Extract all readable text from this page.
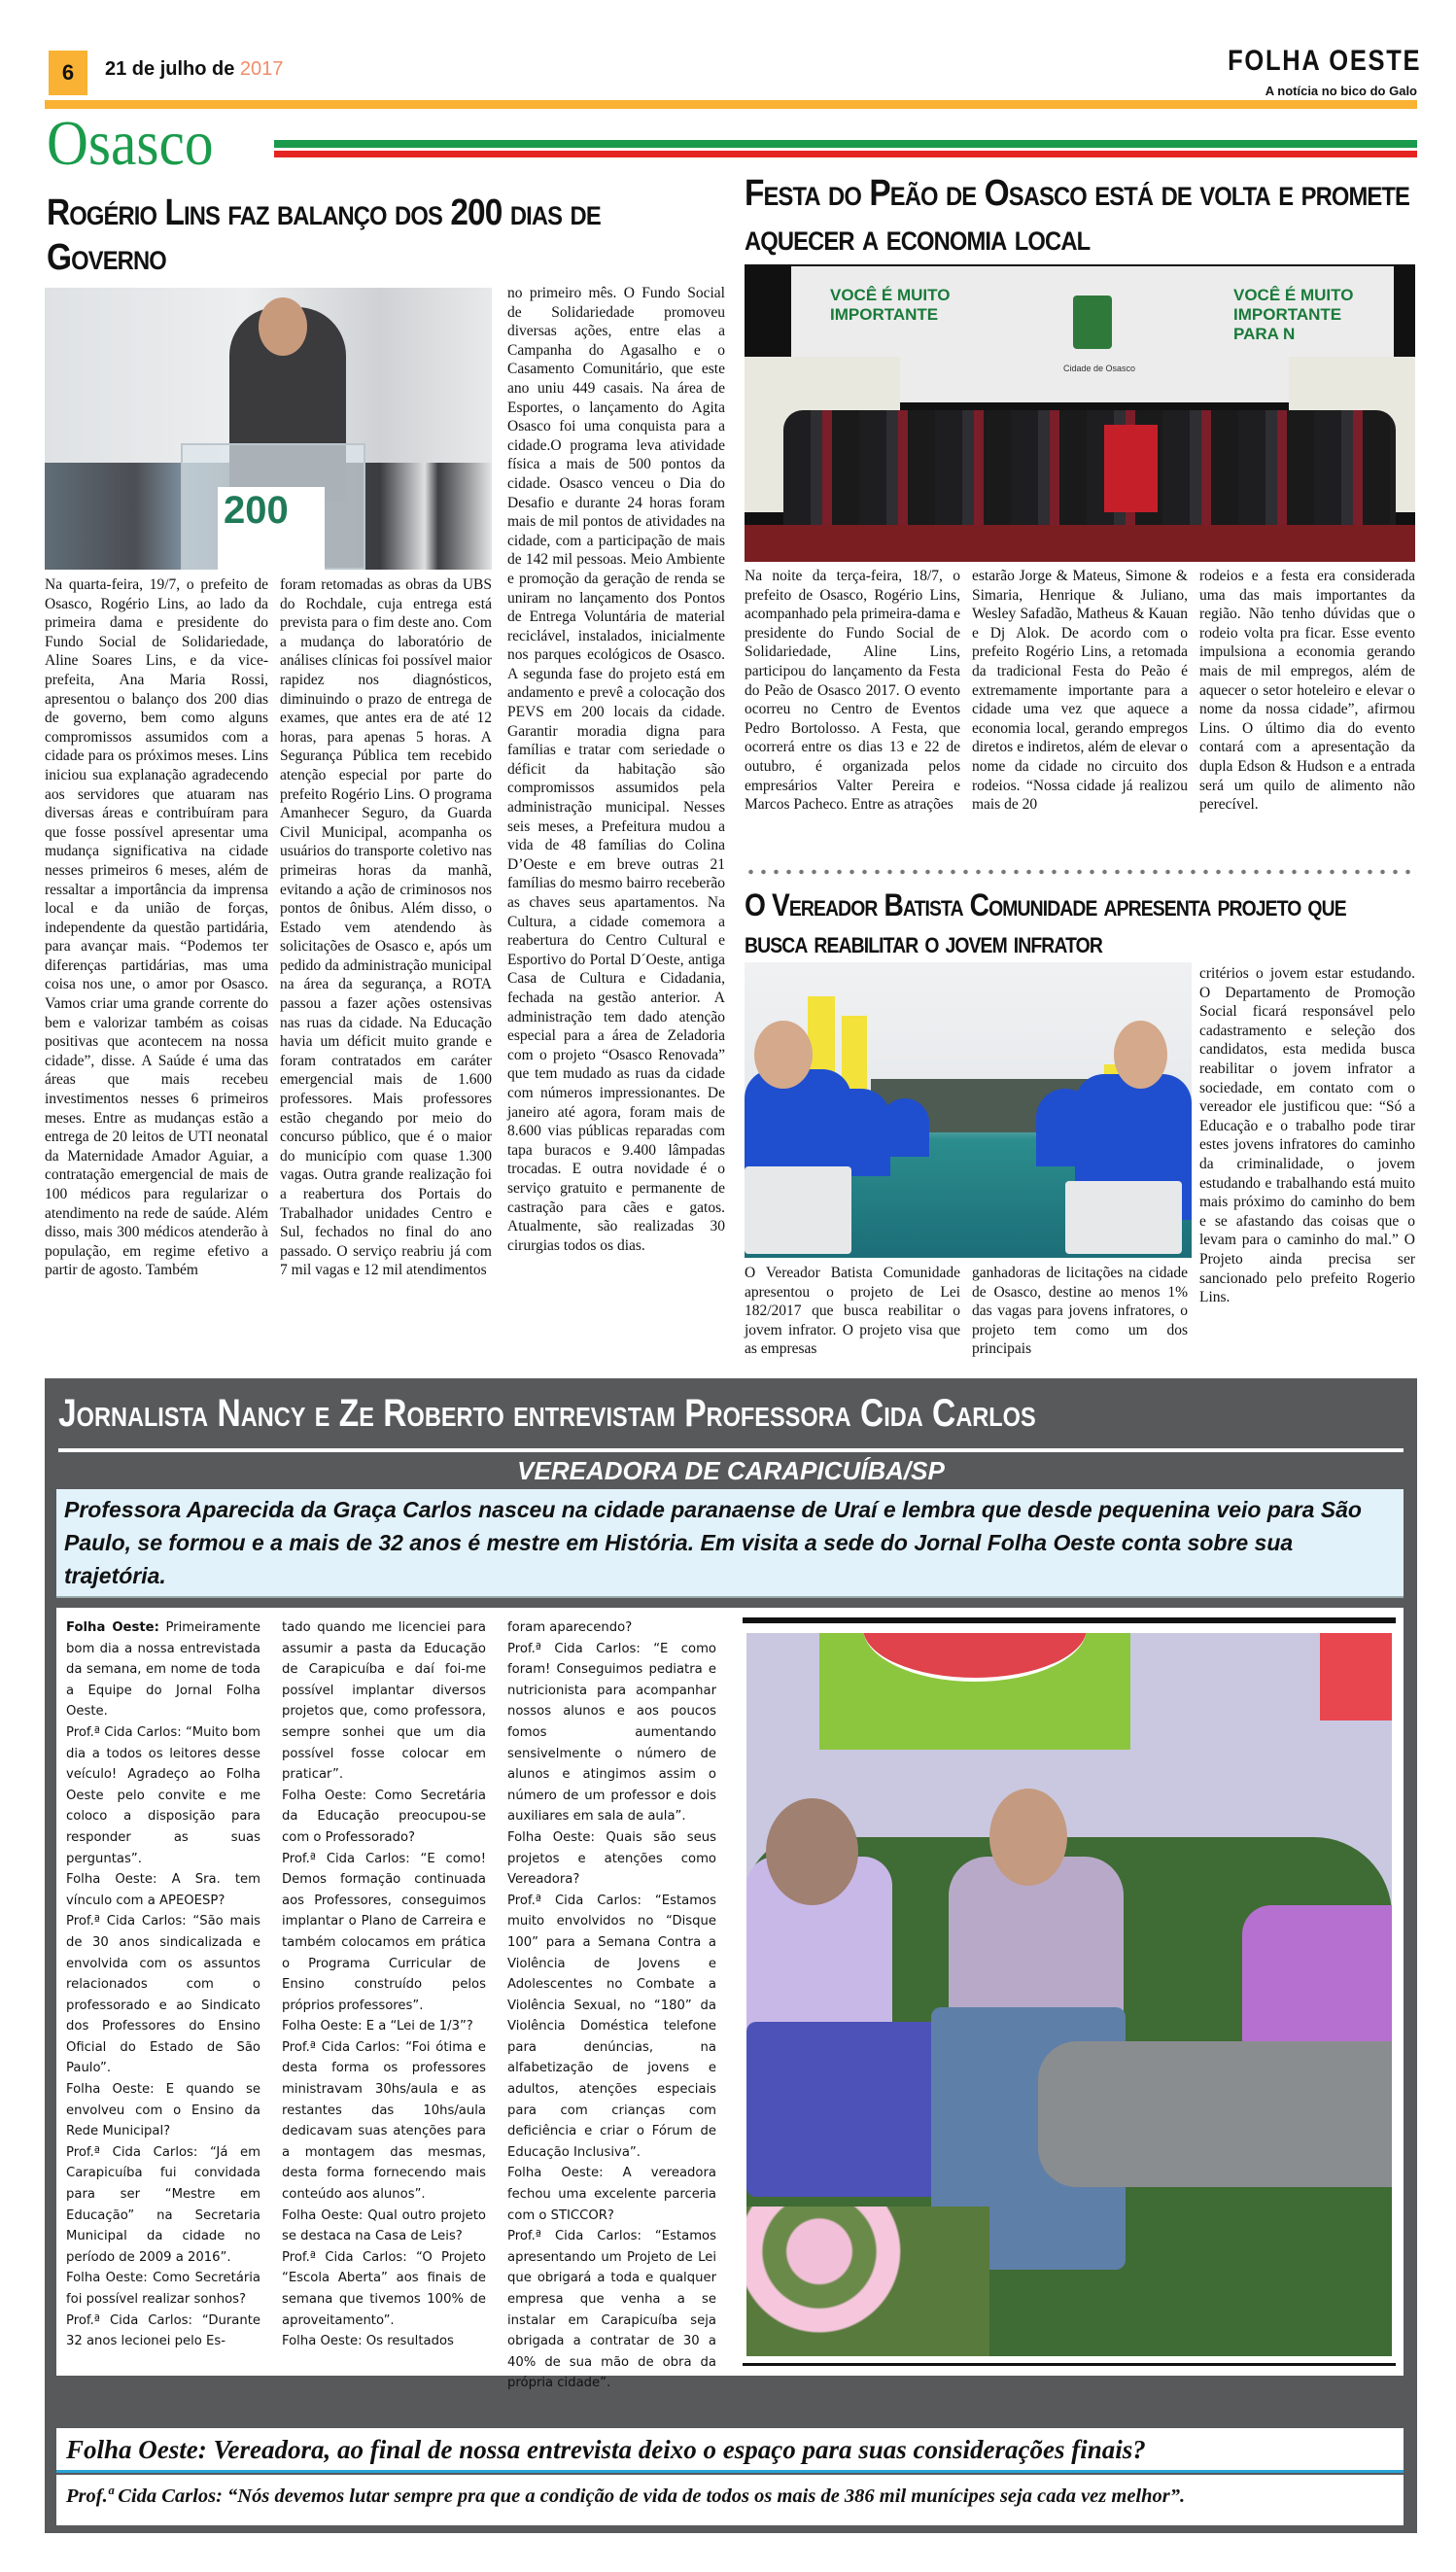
6	21 de julho de 2017	FOLHA OESTE
A notícia no bico do Galo
Osasco
Rogério Lins faz balanço dos 200 dias de Governo
200
Na quarta-feira, 19/7, o prefeito de Osasco, Rogério Lins, ao lado da primeira dama e presidente do Fundo Social de Solidariedade, Aline Soares Lins, e da vice-prefeita, Ana Maria Rossi, apresentou o balanço dos 200 dias de governo, bem como alguns compromissos assumidos com a cidade para os próximos meses. Lins iniciou sua explanação agradecendo aos servidores que atuaram nas diversas áreas e contribuíram para que fosse possível apresentar uma mudança significativa na cidade nesses primeiros 6 meses, além de ressaltar a importância da imprensa local e da união de forças, independente da questão partidária, para avançar mais. “Podemos ter diferenças partidárias, mas uma coisa nos une, o amor por Osasco. Vamos criar uma grande corrente do bem e valorizar também as coisas positivas que acontecem na nossa cidade”, disse. A Saúde é uma das áreas que mais recebeu investimentos nesses 6 primeiros meses. Entre as mudanças estão a entrega de 20 leitos de UTI neonatal da Maternidade Amador Aguiar, a contratação emergencial de mais de 100 médicos para regularizar o atendimento na rede de saúde. Além disso, mais 300 médicos atenderão à população, em regime efetivo a partir de agosto. Também
foram retomadas as obras da UBS do Rochdale, cuja entrega está prevista para o fim deste ano. Com a mudança do laboratório de análises clínicas foi possível maior rapidez nos diagnósticos, diminuindo o prazo de entrega de exames, que antes era de até 12 horas, para apenas 5 horas. A Segurança Pública tem recebido atenção especial por parte do prefeito Rogério Lins. O programa Amanhecer Seguro, da Guarda Civil Municipal, acompanha os usuários do transporte coletivo nas primeiras horas da manhã, evitando a ação de criminosos nos pontos de ônibus. Além disso, o Estado vem atendendo às solicitações de Osasco e, após um pedido da administração municipal na área da segurança, a ROTA passou a fazer ações ostensivas nas ruas da cidade. Na Educação havia um déficit muito grande e foram contratados em caráter emergencial mais de 1.600 professores. Mais professores estão chegando por meio do concurso público, que é o maior do município com quase 1.300 vagas. Outra grande realização foi a reabertura dos Portais do Trabalhador unidades Centro e Sul, fechados no final do ano passado. O serviço reabriu já com 7 mil vagas e 12 mil atendimentos
no primeiro mês. O Fundo Social de Solidariedade promoveu diversas ações, entre elas a Campanha do Agasalho e o Casamento Comunitário, que este ano uniu 449 casais. Na área de Esportes, o lançamento do Agita Osasco foi uma conquista para a cidade.O programa leva atividade física a mais de 500 pontos da cidade. Osasco venceu o Dia do Desafio e durante 24 horas foram mais de mil pontos de atividades na cidade, com a participação de mais de 142 mil pessoas. Meio Ambiente e promoção da geração de renda se uniram no lançamento dos Pontos de Entrega Voluntária de material reciclável, instalados, inicialmente nos parques ecológicos de Osasco. A segunda fase do projeto está em andamento e prevê a colocação dos PEVS em 200 locais da cidade. Garantir moradia digna para famílias e tratar com seriedade o déficit da habitação são compromissos assumidos pela administração municipal. Nesses seis meses, a Prefeitura mudou a vida de 48 famílias do Colina D’Oeste e em breve outras 21 famílias do mesmo bairro receberão as chaves seus apartamentos. Na Cultura, a cidade comemora a reabertura do Centro Cultural e Esportivo do Portal D´Oeste, antiga Casa de Cultura e Cidadania, fechada na gestão anterior. A administração tem dado atenção especial para a área de Zeladoria com o projeto “Osasco Renovada” que tem mudado as ruas da cidade com números impressionantes. De janeiro até agora, foram mais de 8.600 vias públicas reparadas com tapa buracos e 9.400 lâmpadas trocadas. E outra novidade é o serviço gratuito e permanente de castração para cães e gatos. Atualmente, são realizadas 30 cirurgias todos os dias.
Festa do Peão de Osasco está de volta e promete aquecer a economia local
VOCÊ É MUITO IMPORTANTE
VOCÊ É MUITO IMPORTANTE PARA N
Cidade de Osasco
Na noite da terça-feira, 18/7, o prefeito de Osasco, Rogério Lins, acompanhado pela primeira-dama e presidente do Fundo Social de Solidariedade, Aline Lins, participou do lançamento da Festa do Peão de Osasco 2017. O evento ocorreu no Centro de Eventos Pedro Bortolosso. A Festa, que ocorrerá entre os dias 13 e 22 de outubro, é organizada pelos empresários Valter Pereira e Marcos Pacheco. Entre as atrações
estarão Jorge & Mateus, Simone & Simaria, Henrique & Juliano, Wesley Safadão, Matheus & Kauan e Dj Alok. De acordo com o prefeito Rogério Lins, a retomada da tradicional Festa do Peão é extremamente importante para a cidade uma vez que aquece a economia local, gerando empregos diretos e indiretos, além de elevar o nome da cidade no circuito dos rodeios. “Nossa cidade já realizou mais de 20
rodeios e a festa era considerada uma das mais importantes da região. Não tenho dúvidas que o rodeio volta pra ficar. Esse evento impulsiona a economia gerando mais de mil empregos, além de aquecer o setor hoteleiro e elevar o nome da nossa cidade”, afirmou Lins. O último dia do evento contará com a apresentação da dupla Edson & Hudson e a entrada será um quilo de alimento não perecível.
O Vereador Batista Comunidade apresenta projeto que busca reabilitar o jovem infrator
O Vereador Batista Comunidade apresentou o projeto de Lei 182/2017 que busca reabilitar o jovem infrator. O projeto visa que as empresas
ganhadoras de licitações na cidade de Osasco, destine ao menos 1% das vagas para jovens infratores, o projeto tem como um dos principais
critérios o jovem estar estudando. O Departamento de Promoção Social ficará responsável pelo cadastramento e seleção dos candidatos, esta medida busca reabilitar o jovem infrator a sociedade, em contato com o vereador ele justificou que: “Só a Educação e o trabalho pode tirar estes jovens infratores do caminho da criminalidade, o jovem estudando e trabalhando está muito mais próximo do caminho do bem e se afastando das coisas que o levam para o caminho do mal.” O Projeto ainda precisa ser sancionado pelo prefeito Rogerio Lins.
Jornalista Nancy e Ze Roberto entrevistam Professora Cida Carlos
VEREADORA DE CARAPICUÍBA/SP
Professora Aparecida da Graça Carlos nasceu na cidade paranaense de Uraí e lembra que desde pequenina veio para São Paulo, se formou e a mais de 32 anos é mestre em História. Em visita a sede do Jornal Folha Oeste conta sobre sua trajetória.

Folha Oeste: Primeiramente bom dia a nossa entrevistada da semana, em nome de toda a Equipe do Jornal Folha Oeste.

Prof.ª Cida Carlos: “Muito bom dia a todos os leitores desse veículo! Agradeço ao Folha Oeste pelo convite e me coloco a disposição para responder as suas perguntas”.

Folha Oeste: A Sra. tem vínculo com a APEOESP?

Prof.ª Cida Carlos: “São mais de 30 anos sindicalizada e envolvida com os assuntos relacionados com o professorado e ao Sindicato dos Professores do Ensino Oficial do Estado de São Paulo”.

Folha Oeste: E quando se envolveu com o Ensino da Rede Municipal?

Prof.ª Cida Carlos: “Já em Carapicuíba fui convidada para ser “Mestre em Educação” na Secretaria Municipal da cidade no período de 2009 a 2016”.

Folha Oeste: Como Secretária foi possível realizar sonhos?

Prof.ª Cida Carlos: “Durante 32 anos lecionei pelo Es-

tado quando me licenciei para assumir a pasta da Educação de Carapicuíba e daí foi-me possível implantar diversos projetos que, como professora, sempre sonhei que um dia possível fosse colocar em praticar”.

Folha Oeste: Como Secretária da Educação preocupou-se com o Professorado?

Prof.ª Cida Carlos: “E como! Demos formação continuada aos Professores, conseguimos implantar o Plano de Carreira e também colocamos em prática o Programa Curricular de Ensino construído pelos próprios professores”.

Folha Oeste: E a “Lei de 1/3”?

Prof.ª Cida Carlos: “Foi ótima e desta forma os professores ministravam 30hs/aula e as restantes das 10hs/aula dedicavam suas atenções para a montagem das mesmas, desta forma fornecendo mais conteúdo aos alunos”.

Folha Oeste: Qual outro projeto se destaca na Casa de Leis?

Prof.ª Cida Carlos: “O Projeto “Escola Aberta” aos finais de semana que tivemos 100% de aproveitamento”.

Folha Oeste: Os resultados

foram aparecendo?

Prof.ª Cida Carlos: “E como foram! Conseguimos pediatra e nutricionista para acompanhar nossos alunos e aos poucos fomos aumentando sensivelmente o número de alunos e atingimos assim o número de um professor e dois auxiliares em sala de aula”.

Folha Oeste: Quais são seus projetos e atenções como Vereadora?

Prof.ª Cida Carlos: “Estamos muito envolvidos no “Disque 100” para a Semana Contra a Violência de Jovens e Adolescentes no Combate a Violência Sexual, no “180” da Violência Doméstica telefone para denúncias, na alfabetização de jovens e adultos, atenções especiais para com crianças com deficiência e criar o Fórum de Educação Inclusiva”.

Folha Oeste: A vereadora fechou uma excelente parceria com o STICCOR?

Prof.ª Cida Carlos: “Estamos apresentando um Projeto de Lei que obrigará a toda e qualquer empresa que venha a se instalar em Carapicuíba seja obrigada a contratar de 30 a 40% de sua mão de obra da própria cidade”.

Folha Oeste: Vereadora, ao final de nossa entrevista deixo o espaço para suas considerações finais?
Prof.ª Cida Carlos: “Nós devemos lutar sempre pra que a condição de vida de todos os mais de 386 mil munícipes seja cada vez melhor”.
